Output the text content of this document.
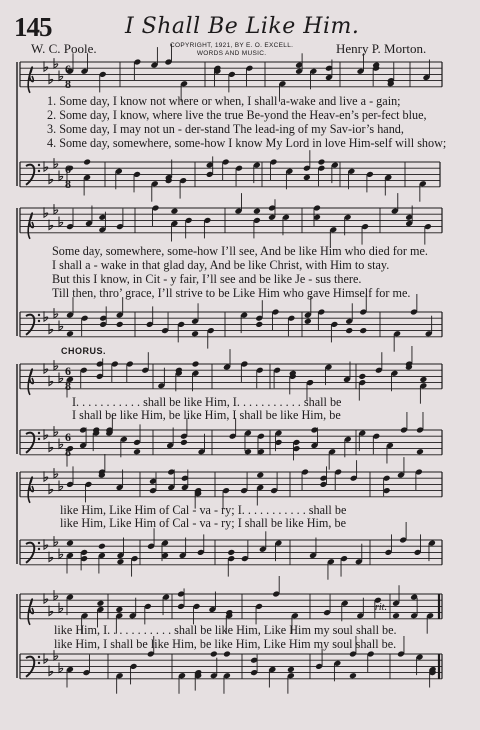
145	I Shall Be Like Him.
W. C. Poole.	COPYRIGHT, 1921, BY E. O. EXCELL.
WORDS AND MUSIC.	Henry P. Morton.
6
8
6
8
6
8
6
8
1. Some day, I know not where or when, I shall a-wake and live a - gain;
2. Some day, I know, where live the true Be-yond the Heav-en’s per-fect blue,
3. Some day, I may not un - der-stand The lead-ing of my Sav-ior’s hand,
4. Some day, somewhere, some-how I know My Lord in love Him-self will show;
Some day, somewhere, some-how I’ll see, And be like Him who died for me.
I shall a - wake in that glad day, And be like Christ, with Him to stay.
But this I know, in Cit - y fair, I’ll see and be like Je - sus there.
Till then, thro’ grace, I’ll strive to be Like Him who gave Himself for me.
CHORUS.
I. . . . . . . . . . . shall be like Him, I. . . . . . . . . . . shall be
I shall be like Him, be like Him, I shall be like Him, be
like Him, Like Him of Cal - va - ry; I. . . . . . . . . . . shall be
like Him, Like Him of Cal - va - ry; I shall be like Him, be
like Him, I. . . . . . . . . . . shall be like Him, Like Him my soul shall be.
like Him, I shall be like Him, be like Him, Like Him my soul shall be.
rit.
